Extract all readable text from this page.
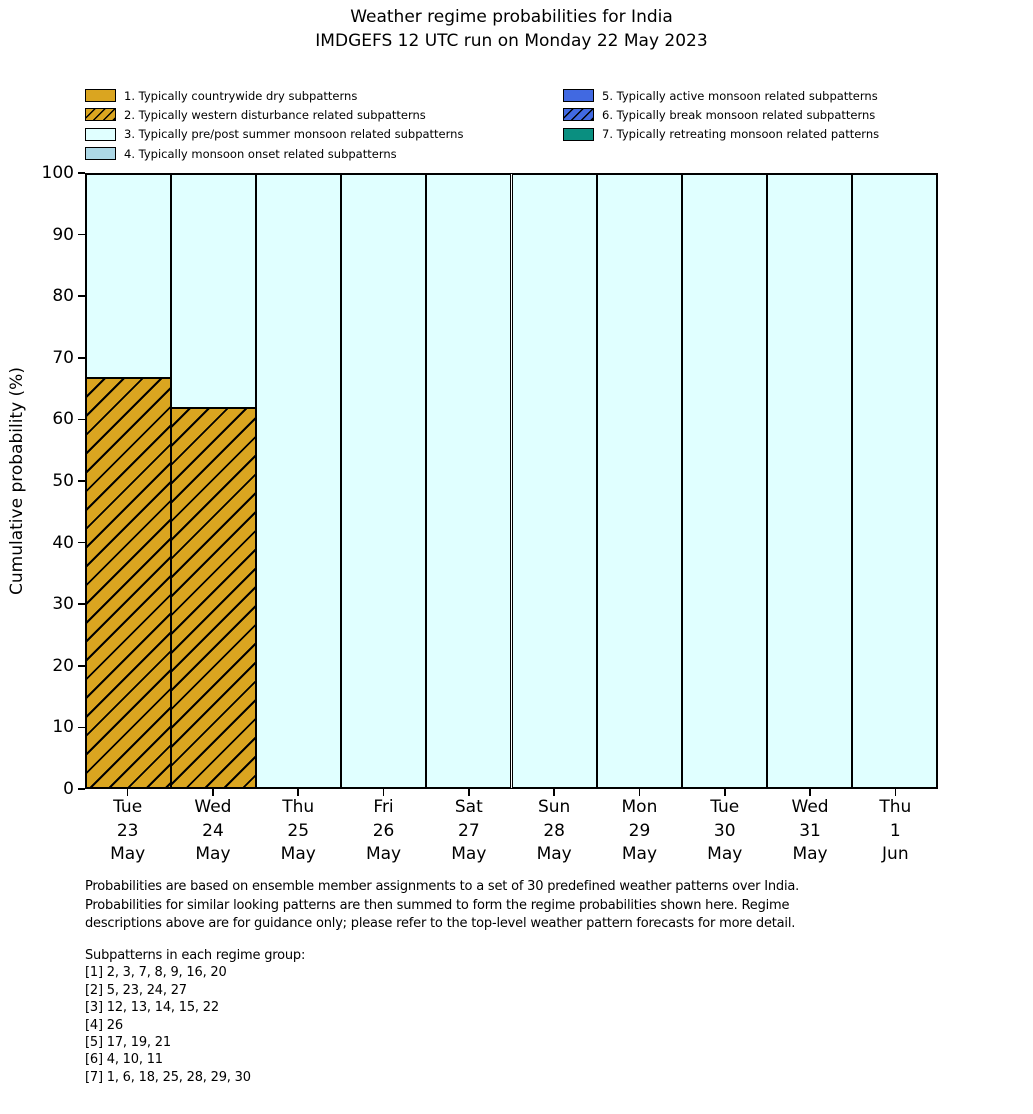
Weather regime probabilities for India
IMDGEFS 12 UTC run on Monday 22 May 2023
1. Typically countrywide dry subpatterns
2. Typically western disturbance related subpatterns
3. Typically pre/post summer monsoon related subpatterns
4. Typically monsoon onset related subpatterns
5. Typically active monsoon related subpatterns
6. Typically break monsoon related subpatterns
7. Typically retreating monsoon related patterns
Cumulative probability (%)
0
10
20
30
40
50
60
70
80
90
100
Tue
23
May
Wed
24
May
Thu
25
May
Fri
26
May
Sat
27
May
Sun
28
May
Mon
29
May
Tue
30
May
Wed
31
May
Thu
1
Jun
Probabilities are based on ensemble member assignments to a set of 30 predefined weather patterns over India.
Probabilities for similar looking patterns are then summed to form the regime probabilities shown here. Regime
descriptions above are for guidance only; please refer to the top-level weather pattern forecasts for more detail.
Subpatterns in each regime group:
[1] 2, 3, 7, 8, 9, 16, 20
[2] 5, 23, 24, 27
[3] 12, 13, 14, 15, 22
[4] 26
[5] 17, 19, 21
[6] 4, 10, 11
[7] 1, 6, 18, 25, 28, 29, 30
